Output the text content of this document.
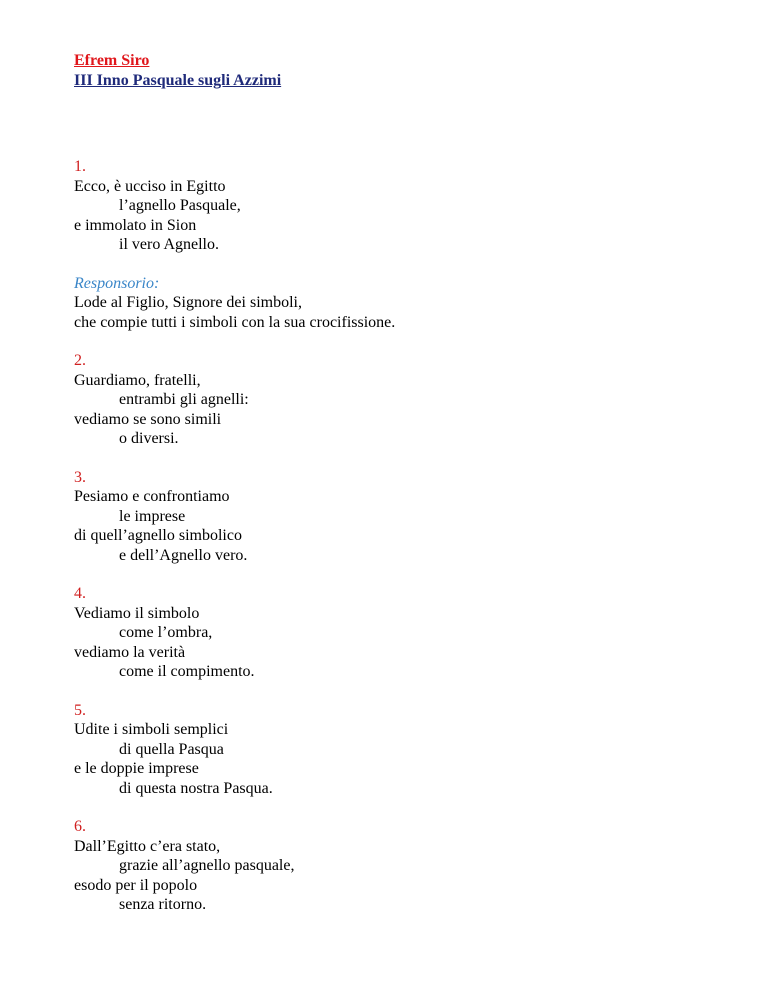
Efrem Siro
III Inno Pasquale sugli Azzimi
1.
Ecco, è ucciso in Egitto
l’agnello Pasquale,
e immolato in Sion
il vero Agnello.
Responsorio:
Lode al Figlio, Signore dei simboli,
che compie tutti i simboli con la sua crocifissione.
2.
Guardiamo, fratelli,
entrambi gli agnelli:
vediamo se sono simili
o diversi.
3.
Pesiamo e confrontiamo
le imprese
di quell’agnello simbolico
e dell’Agnello vero.
4.
Vediamo il simbolo
come l’ombra,
vediamo la verità
come il compimento.
5.
Udite i simboli semplici
di quella Pasqua
e le doppie imprese
di questa nostra Pasqua.
6.
Dall’Egitto c’era stato,
grazie all’agnello pasquale,
esodo per il popolo
senza ritorno.
